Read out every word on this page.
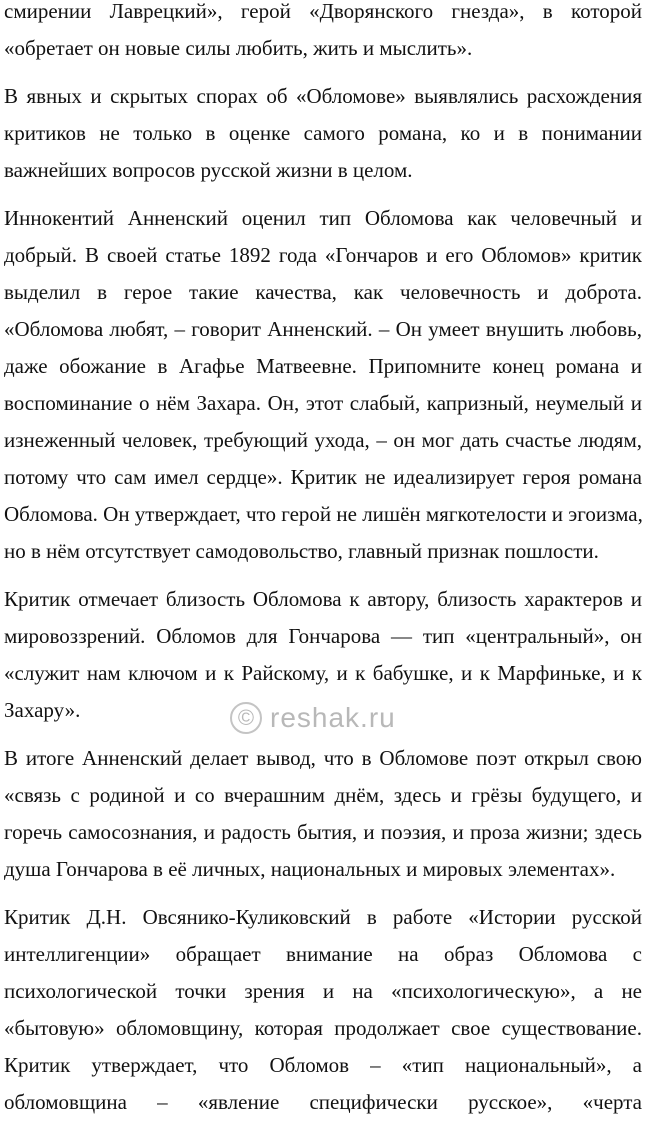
смирении Лаврецкий», герой «Дворянского гнезда», в которой
«обретает он новые силы любить, жить и мыслить».

В явных и скрытых спорах об «Обломове» выявлялись расхождения
критиков не только в оценке самого романа, ко и в понимании
важнейших вопросов русской жизни в целом.

Иннокентий Анненский оценил тип Обломова как человечный и
добрый. В своей статье 1892 года «Гончаров и его Обломов» критик
выделил в герое такие качества, как человечность и доброта.
«Обломова любят, – говорит Анненский. – Он умеет внушить любовь,
даже обожание в Агафье Матвеевне. Припомните конец романа и
воспоминание о нём Захара. Он, этот слабый, капризный, неумелый и
изнеженный человек, требующий ухода, – он мог дать счастье людям,
потому что сам имел сердце». Критик не идеализирует героя романа
Обломова. Он утверждает, что герой не лишён мягкотелости и эгоизма,
но в нём отсутствует самодовольство, главный признак пошлости.

Критик отмечает близость Обломова к автору, близость характеров и
мировоззрений. Обломов для Гончарова — тип «центральный», он
«служит нам ключом и к Райскому, и к бабушке, и к Марфиньке, и к
Захару».

В итоге Анненский делает вывод, что в Обломове поэт открыл свою
«связь с родиной и со вчерашним днём, здесь и грёзы будущего, и
горечь самосознания, и радость бытия, и поэзия, и проза жизни; здесь
душа Гончарова в её личных, национальных и мировых элементах».

Критик Д.Н. Овсянико-Куликовский в работе «Истории русской
интеллигенции» обращает внимание на образ Обломова с
психологической точки зрения и на «психологическую», а не
«бытовую» обломовщину, которая продолжает свое существование.
Критик утверждает, что Обломов – «тип национальный», а
обломовщина – «явление специфически русское», «черта

© reshak.ru
